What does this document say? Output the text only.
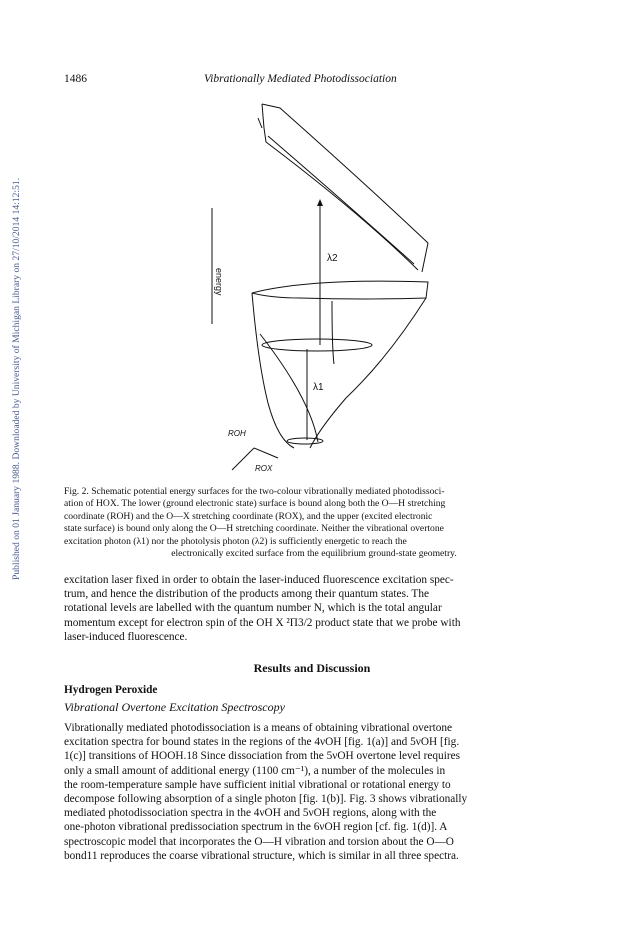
Published on 01 January 1988. Downloaded by University of Michigan Library on 27/10/2014 14:12:51.
1486	Vibrationally Mediated Photodissociation
energy
λ2
λ1
ROH
ROX

Fig. 2. Schematic potential energy surfaces for the two-colour vibrationally mediated photodissoci-

ation of HOX. The lower (ground electronic state) surface is bound along both the O—H stretching

coordinate (ROH) and the O—X stretching coordinate (ROX), and the upper (excited electronic

state surface) is bound only along the O—H stretching coordinate. Neither the vibrational overtone

excitation photon (λ1) nor the photolysis photon (λ2) is sufficiently energetic to reach the

electronically excited surface from the equilibrium ground-state geometry.

excitation laser fixed in order to obtain the laser-induced fluorescence excitation spec-

trum, and hence the distribution of the products among their quantum states. The

rotational levels are labelled with the quantum number N, which is the total angular

momentum except for electron spin of the OH X ²Π3/2 product state that we probe with

laser-induced fluorescence.

Results and Discussion
Hydrogen Peroxide
Vibrational Overtone Excitation Spectroscopy

Vibrationally mediated photodissociation is a means of obtaining vibrational overtone

excitation spectra for bound states in the regions of the 4νOH [fig. 1(a)] and 5νOH [fig.

1(c)] transitions of HOOH.18 Since dissociation from the 5νOH overtone level requires

only a small amount of additional energy (1100 cm⁻¹), a number of the molecules in

the room-temperature sample have sufficient initial vibrational or rotational energy to

decompose following absorption of a single photon [fig. 1(b)]. Fig. 3 shows vibrationally

mediated photodissociation spectra in the 4νOH and 5νOH regions, along with the

one-photon vibrational predissociation spectrum in the 6νOH region [cf. fig. 1(d)]. A

spectroscopic model that incorporates the O—H vibration and torsion about the O—O

bond11 reproduces the coarse vibrational structure, which is similar in all three spectra.
